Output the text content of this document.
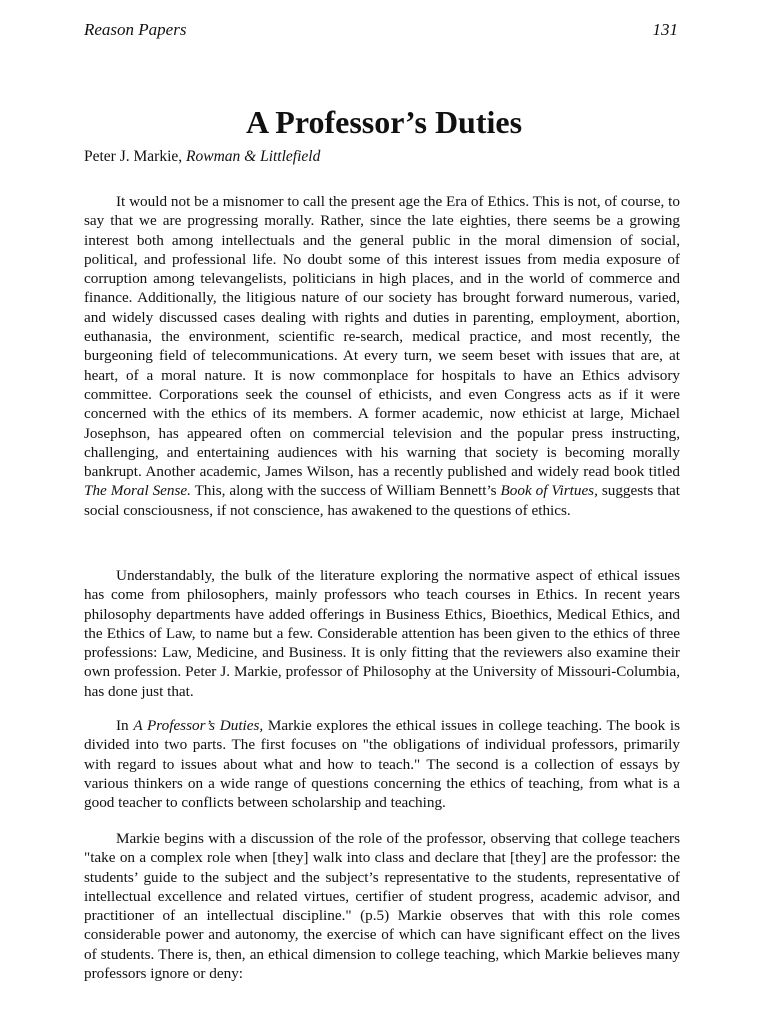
Reason Papers	131
A Professor’s Duties
Peter J. Markie, Rowman & Littlefield

It would not be a misnomer to call the present age the Era of Ethics. This is not, of course, to say that we are progressing morally. Rather, since the late eighties, there seems be a growing interest both among intellectuals and the general public in the moral dimension of social, political, and professional life. No doubt some of this interest issues from media exposure of corruption among televangelists, politicians in high places, and in the world of commerce and finance. Additionally, the litigious nature of our society has brought forward numerous, varied, and widely discussed cases dealing with rights and duties in parenting, employment, abortion, euthanasia, the environment, scientific re-search, medical practice, and most recently, the burgeoning field of telecommunications. At every turn, we seem beset with issues that are, at heart, of a moral nature. It is now commonplace for hospitals to have an Ethics advisory committee. Corporations seek the counsel of ethicists, and even Congress acts as if it were concerned with the ethics of its members. A former academic, now ethicist at large, Michael Josephson, has appeared often on commercial television and the popular press instructing, challenging, and entertaining audiences with his warning that society is becoming morally bankrupt. Another academic, James Wilson, has a recently published and widely read book titled The Moral Sense. This, along with the success of William Bennett’s Book of Virtues, suggests that social consciousness, if not conscience, has awakened to the questions of ethics.

Understandably, the bulk of the literature exploring the normative aspect of ethical issues has come from philosophers, mainly professors who teach courses in Ethics. In recent years philosophy departments have added offerings in Business Ethics, Bioethics, Medical Ethics, and the Ethics of Law, to name but a few. Considerable attention has been given to the ethics of three professions: Law, Medicine, and Business. It is only fitting that the reviewers also examine their own profession. Peter J. Markie, professor of Philosophy at the University of Missouri-Columbia, has done just that.

In A Professor’s Duties, Markie explores the ethical issues in college teaching. The book is divided into two parts. The first focuses on "the obligations of individual professors, primarily with regard to issues about what and how to teach." The second is a collection of essays by various thinkers on a wide range of questions concerning the ethics of teaching, from what is a good teacher to conflicts between scholarship and teaching.

Markie begins with a discussion of the role of the professor, observing that college teachers "take on a complex role when [they] walk into class and declare that [they] are the professor: the students’ guide to the subject and the subject’s representative to the students, representative of intellectual excellence and related virtues, certifier of student progress, academic advisor, and practitioner of an intellectual discipline." (p.5) Markie observes that with this role comes considerable power and autonomy, the exercise of which can have significant effect on the lives of students. There is, then, an ethical dimension to college teaching, which Markie believes many professors ignore or deny:
